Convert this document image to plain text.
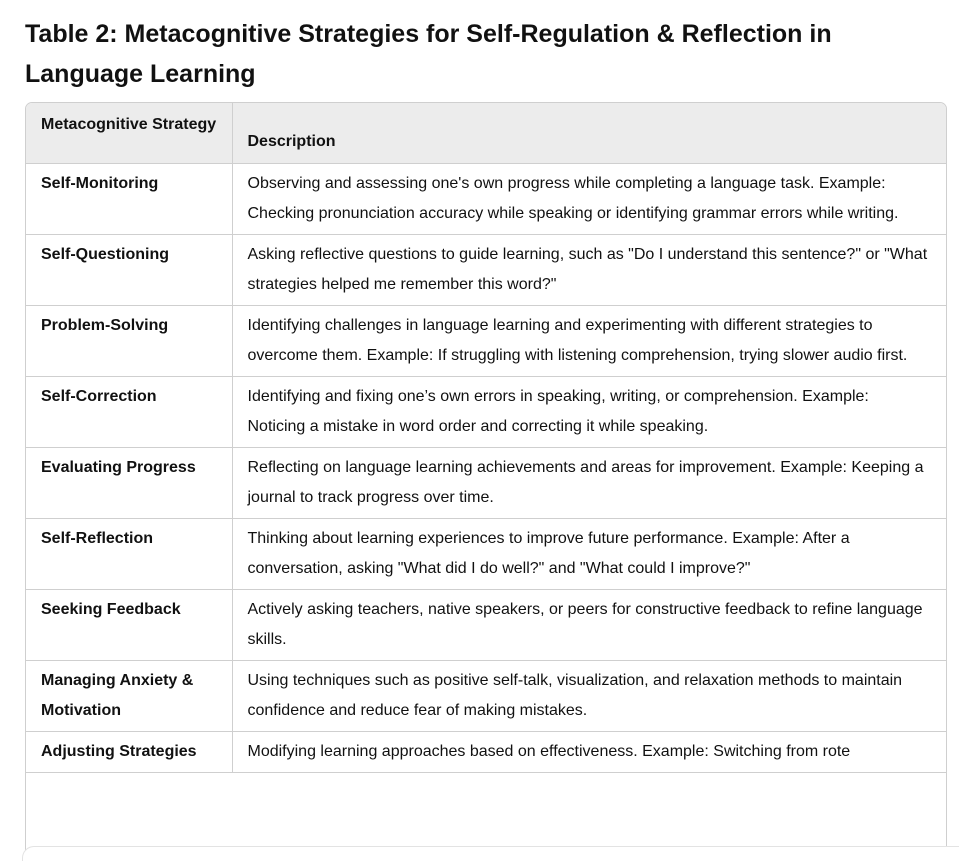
Table 2: Metacognitive Strategies for Self-Regulation & Reflection in Language Learning
Metacognitive Strategy	Description
Self-Monitoring	Observing and assessing one's own progress while completing a language task. Example: Checking pronunciation accuracy while speaking or identifying grammar errors while writing.
Self-Questioning	Asking reflective questions to guide learning, such as "Do I understand this sentence?" or "What strategies helped me remember this word?"
Problem-Solving	Identifying challenges in language learning and experimenting with different strategies to overcome them. Example: If struggling with listening comprehension, trying slower audio first.
Self-Correction	Identifying and fixing one’s own errors in speaking, writing, or comprehension. Example: Noticing a mistake in word order and correcting it while speaking.
Evaluating Progress	Reflecting on language learning achievements and areas for improvement. Example: Keeping a journal to track progress over time.
Self-Reflection	Thinking about learning experiences to improve future performance. Example: After a conversation, asking "What did I do well?" and "What could I improve?"
Seeking Feedback	Actively asking teachers, native speakers, or peers for constructive feedback to refine language skills.
Managing Anxiety & Motivation	Using techniques such as positive self-talk, visualization, and relaxation methods to maintain confidence and reduce fear of making mistakes.
Adjusting Strategies	Modifying learning approaches based on effectiveness. Example: Switching from rote
